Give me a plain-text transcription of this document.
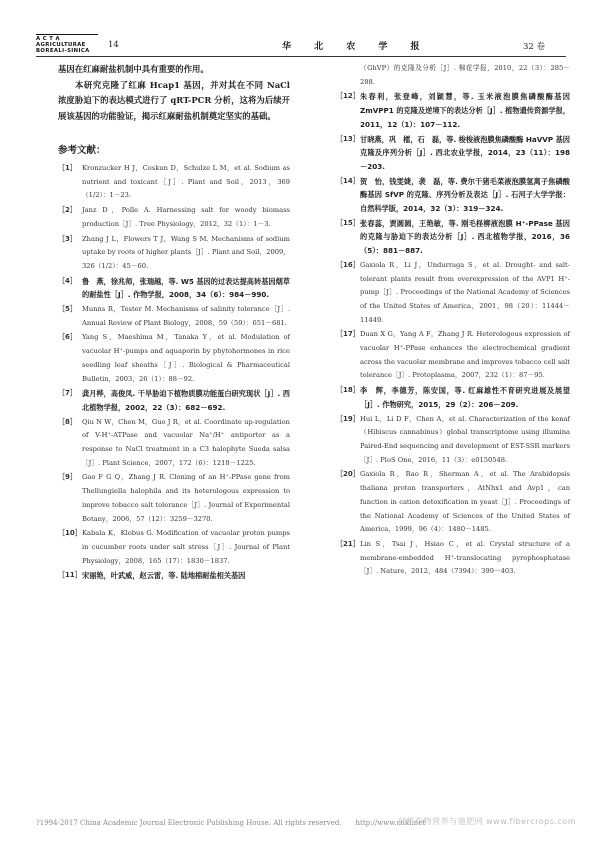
A C T A
AGRICULTURAE
BOREALI-SINICA
14	华 北 农 学 报	32 卷

基因在红麻耐盐机制中具有重要的作用。

本研究克隆了红麻 Hcap1 基因，并对其在不同 NaCl 浓度胁迫下的表达模式进行了 qRT-PCR 分析，这将为后续开展该基因的功能验证，揭示红麻耐盐机制奠定坚实的基础。

参考文献：
［1］ Kronzucker H J，Coskun D，Schulze L M，et al. Sodium as nutrient and toxicant［J］. Plant and Soil，2013，369（1/2）：1－23.
［2］ Janz D，Polle A. Harnessing salt for woody biomass production［J］. Tree Physiology，2012，32（1）：1－3.
［3］ Zhang J L，Flowers T J，Wang S M. Mechanisms of sodium uptake by roots of higher plants［J］. Plant and Soil，2009，326（1/2）：45－60.
［4］ 鲁　燕，徐兆师，张瑞越，等. W5 基因的过表达提高转基因烟草的耐盐性［J］. 作物学报，2008，34（6）：984－990.
［5］ Munns R，Tester M. Mechanisms of salinity tolerance［J］. Annual Review of Plant Biology，2008，59（59）：651－681.
［6］ Yang S，Maeshima M，Tanaka Y，et al. Modulation of vacuolar H⁺-pumps and aquaporin by phytohormones in rice seedling leaf sheaths［J］. Biological & Pharmaceutical Bulletin，2003，26（1）：88－92.
［7］ 龚月桦，高俊凤. 干旱胁迫下植物质膜功能蛋白研究现状［J］. 西北植物学报，2002，22（3）：682－692.
［8］ Qiu N W，Chen M，Guo J R，et al. Coordinate up-regulation of V-H⁺-ATPase and vacuolar Na⁺/H⁺ antiporter as a response to NaCl treatment in a C3 halophyte Sueda salsa［J］. Plant Science，2007，172（6）：1218－1225.
［9］ Gao F G Q，Zhang J R. Cloning of an H⁺-PPase gene from Thellungiella halophila and its heterologous expression to improve tobacco salt tolerance［J］. Journal of Experimental Botany，2006，57（12）：3259－3270.
［10］ Kabala K，Klobus G. Modification of vacuolar proton pumps in cucumber roots under salt stress［J］. Journal of Plant Physiology，2008，165（17）：1830－1837.
［11］ 宋丽艳，叶武威，赵云雷，等. 陆地棉耐盐相关基因
（GhVP）的克隆及分析［J］. 棉花学报，2010，22（3）：285－288.
［12］ 朱春利，张登峰，刘颖慧，等. 玉米液泡膜焦磷酸酶基因 ZmVPP1 的克隆及逆境下的表达分析［J］. 植物遗传资源学报，2011，12（1）：107－112.
［13］ 甘晓燕，巩　檑，石　磊，等. 梭梭液泡膜焦磷酸酶 HaVVP 基因克隆及序列分析［J］. 西北农业学报，2014，23（11）：198－203.
［14］ 贺　怡，钱雯婕，袭　磊，等. 费尔干猪毛菜液泡膜氢离子焦磷酸酶基因 SfVP 的克隆、序列分析及表达［J］. 石河子大学学报：自然科学版，2014，32（3）：319－324.
［15］ 张春蕊，贾圆圆，王艳敏，等. 刚毛柽柳液泡膜 H⁺-PPase 基因的克隆与胁迫下的表达分析［J］. 西北植物学报，2016，36（5）：881－887.
［16］ Gaxiola R，Li J，Undurraga S，et al. Drought- and salt-tolerant plants result from overexpression of the AVP1 H⁺-pump［J］. Proceedings of the National Academy of Sciences of the United States of America，2001，98（20）：11444－11449.
［17］ Duan X G，Yang A F，Zhang J R. Heterologous expression of vacuolar H⁺-PPase enhances the electrochemical gradient across the vacuolar membrane and improves tobacco cell salt tolerance［J］. Protoplasma，2007，232（1）：87－95.
［18］ 李　辉，李德芳，陈安国，等. 红麻雄性不育研究进展及展望［J］. 作物研究，2015，29（2）：206－209.
［19］ Hui L，Li D F，Chen A，et al. Characterization of the kenaf（Hibiscus cannabinus）global transcriptome using illumina Paired-End sequencing and development of EST-SSR markers［J］. PloS One，2016，11（3）：e0150548.
［20］ Gaxiola R，Rao R，Sherman A，et al. The Arabidopsis thaliana proton transporters，AtNhx1 and Avp1，can function in cation detoxification in yeast［J］. Proceedings of the National Academy of Sciences of the United States of America，1999，96（4）：1480－1485.
［21］ Lin S，Tsai J，Hsiao C，et al. Crystal structure of a membrane-embedded H⁺-translocating pyrophosphatase［J］. Nature，2012，484（7394）：399－403.
?1994-2017 China Academic Journal Electronic Publishing House. All rights reserved.　　http://www.cnki.net
纤维作物营养与施肥网 www.fibercrops.com
